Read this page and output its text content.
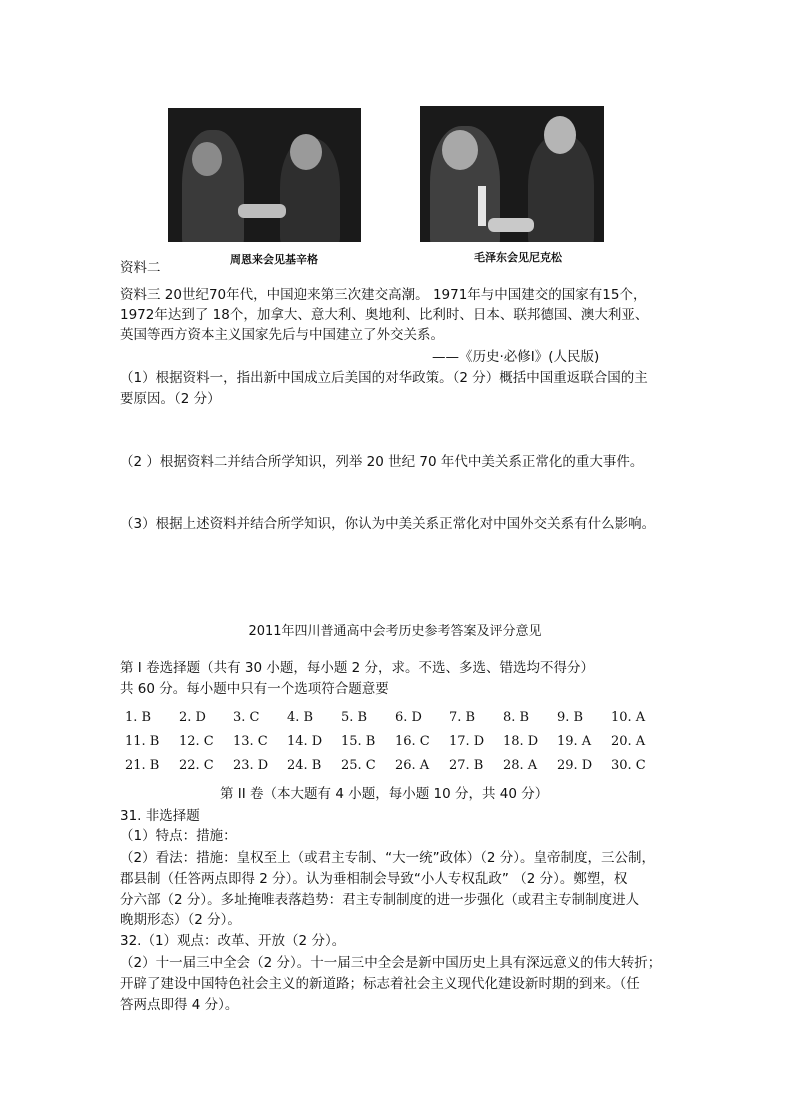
周恩来会见基辛格	毛泽东会见尼克松
资料二
资料三 20世纪70年代，中国迎来第三次建交高潮。 1971年与中国建交的国家有15个，
1972年达到了 18个，加拿大、意大利、奥地利、比利时、日本、联邦德国、澳大利亚、
英国等西方资本主义国家先后与中国建立了外交关系。
——《历史·必修Ⅰ》(人民版)
（1）根据资料一，指出新中国成立后美国的对华政策。（2 分）概括中国重返联合国的主
要原因。（2 分）
（2 ）根据资料二并结合所学知识，列举 20 世纪 70 年代中美关系正常化的重大事件。
（3）根据上述资料并结合所学知识，你认为中美关系正常化对中国外交关系有什么影响。
2011年四川普通高中会考历史参考答案及评分意见
第 I 卷选择题（共有 30 小题，每小题 2 分，求。不选、多选、错选均不得分）
共 60 分。每小题中只有一个选项符合题意要
1. B	2. D	3. C	4. B	5. B	6. D	7. B	8. B	9. B	10. A
11. B	12. C	13. C	14. D	15. B	16. C	17. D	18. D	19. A	20. A
21. B	22. C	23. D	24. B	25. C	26. A	27. B	28. A	29. D	30. C
第 II 卷（本大题有 4 小题，每小题 10 分，共 40 分）
31. 非选择题
（1）特点：措施：
（2）看法：措施：皇权至上（或君主专制、“大一统”政体）（2 分）。皇帝制度，三公制，
郡县制（任答两点即得 2 分）。认为垂相制会导致“小人专权乱政” （2 分）。鄭塑，权
分六部（2 分）。多址掩唯表落趋势：君主专制制度的进一步强化（或君主专制制度进人
晚期形态）（2 分）。
32.（1）观点：改革、开放（2 分）。
（2）十一届三中全会（2 分）。十一届三中全会是新中国历史上具有深远意义的伟大转折；
开辟了建设中国特色社会主义的新道路；标志着社会主义现代化建设新时期的到来。（任
答两点即得 4 分）。
